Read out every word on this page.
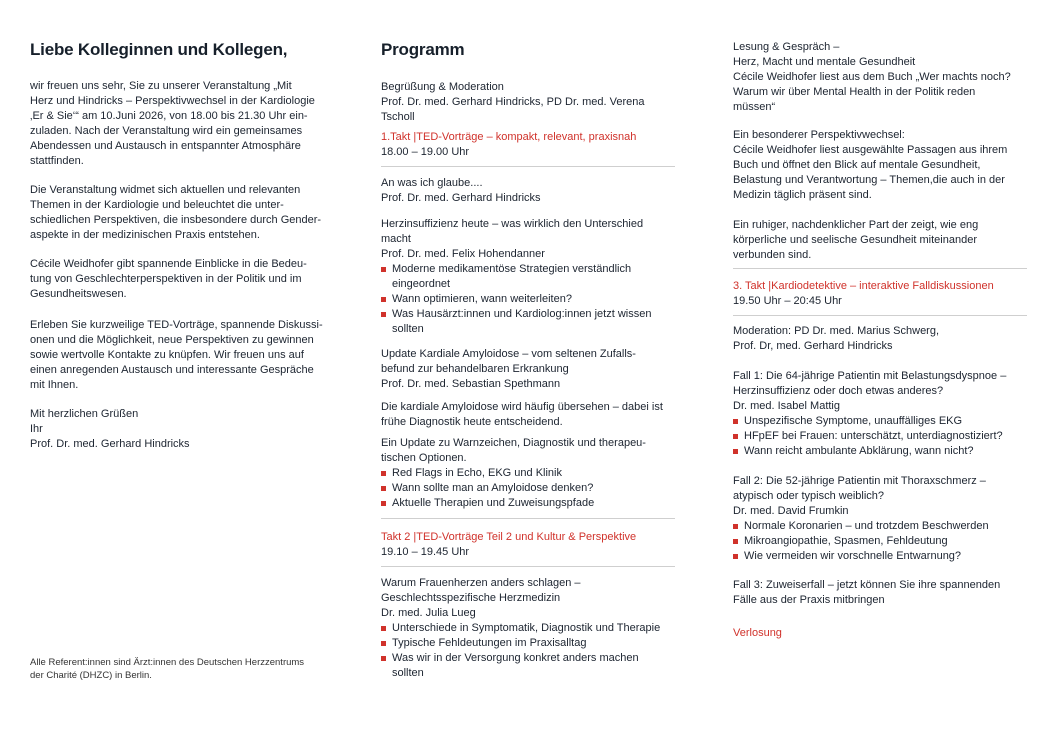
Liebe Kolleginnen und Kollegen,
wir freuen uns sehr, Sie zu unserer Veranstaltung „Mit
Herz und Hindricks – Perspektivwechsel in der Kardiologie
‚Er & Sie‘“ am 10.Juni 2026, von 18.00 bis 21.30 Uhr ein-
zuladen. Nach der Veranstaltung wird ein gemeinsames
Abendessen und Austausch in entspannter Atmosphäre
stattfinden.
Die Veranstaltung widmet sich aktuellen und relevanten
Themen in der Kardiologie und beleuchtet die unter-
schiedlichen Perspektiven, die insbesondere durch Gender-
aspekte in der medizinischen Praxis entstehen.
Cécile Weidhofer gibt spannende Einblicke in die Bedeu-
tung von Geschlechterperspektiven in der Politik und im
Gesundheitswesen.
Erleben Sie kurzweilige TED-Vorträge, spannende Diskussi-
onen und die Möglichkeit, neue Perspektiven zu gewinnen
sowie wertvolle Kontakte zu knüpfen. Wir freuen uns auf
einen anregenden Austausch und interessante Gespräche
mit Ihnen.
Mit herzlichen Grüßen
Ihr
Prof. Dr. med. Gerhard Hindricks
Alle Referent:innen sind Ärzt:innen des Deutschen Herzzentrums
der Charité (DHZC) in Berlin.
Programm
Begrüßung & Moderation
Prof. Dr. med. Gerhard Hindricks, PD Dr. med. Verena Tscholl
1.Takt |TED-Vorträge – kompakt, relevant, praxisnah
18.00 – 19.00 Uhr
An was ich glaube....
Prof. Dr. med. Gerhard Hindricks
Herzinsuffizienz heute – was wirklich den Unterschied
macht
Prof. Dr. med. Felix Hohendanner
Moderne medikamentöse Strategien verständlich
eingeordnet
Wann optimieren, wann weiterleiten?
Was Hausärzt:innen und Kardiolog:innen jetzt wissen
sollten
Update Kardiale Amyloidose – vom seltenen Zufalls-
befund zur behandelbaren Erkrankung
Prof. Dr. med. Sebastian Spethmann
Die kardiale Amyloidose wird häufig übersehen – dabei ist
frühe Diagnostik heute entscheidend.
Ein Update zu Warnzeichen, Diagnostik und therapeu-
tischen Optionen.
Red Flags in Echo, EKG und Klinik
Wann sollte man an Amyloidose denken?
Aktuelle Therapien und Zuweisungspfade
Takt 2 |TED-Vorträge Teil 2 und Kultur & Perspektive
19.10 – 19.45 Uhr
Warum Frauenherzen anders schlagen –
Geschlechtsspezifische Herzmedizin
Dr. med. Julia Lueg
Unterschiede in Symptomatik, Diagnostik und Therapie
Typische Fehldeutungen im Praxisalltag
Was wir in der Versorgung konkret anders machen
sollten
Lesung & Gespräch –
Herz, Macht und mentale Gesundheit
Cécile Weidhofer liest aus dem Buch „Wer machts noch?
Warum wir über Mental Health in der Politik reden
müssen“
Ein besonderer Perspektivwechsel:
Cécile Weidhofer liest ausgewählte Passagen aus ihrem
Buch und öffnet den Blick auf mentale Gesundheit,
Belastung und Verantwortung – Themen,die auch in der
Medizin täglich präsent sind.
Ein ruhiger, nachdenklicher Part der zeigt, wie eng
körperliche und seelische Gesundheit miteinander
verbunden sind.
3. Takt |Kardiodetektive – interaktive Falldiskussionen
19.50 Uhr – 20:45 Uhr
Moderation: PD Dr. med. Marius Schwerg,
Prof. Dr, med. Gerhard Hindricks
Fall 1: Die 64-jährige Patientin mit Belastungsdyspnoe –
Herzinsuffizienz oder doch etwas anderes?
Dr. med. Isabel Mattig
Unspezifische Symptome, unauffälliges EKG
HFpEF bei Frauen: unterschätzt, unterdiagnostiziert?
Wann reicht ambulante Abklärung, wann nicht?
Fall 2: Die 52-jährige Patientin mit Thoraxschmerz –
atypisch oder typisch weiblich?
Dr. med. David Frumkin
Normale Koronarien – und trotzdem Beschwerden
Mikroangiopathie, Spasmen, Fehldeutung
Wie vermeiden wir vorschnelle Entwarnung?
Fall 3: Zuweiserfall – jetzt können Sie ihre spannenden
Fälle aus der Praxis mitbringen
Verlosung
